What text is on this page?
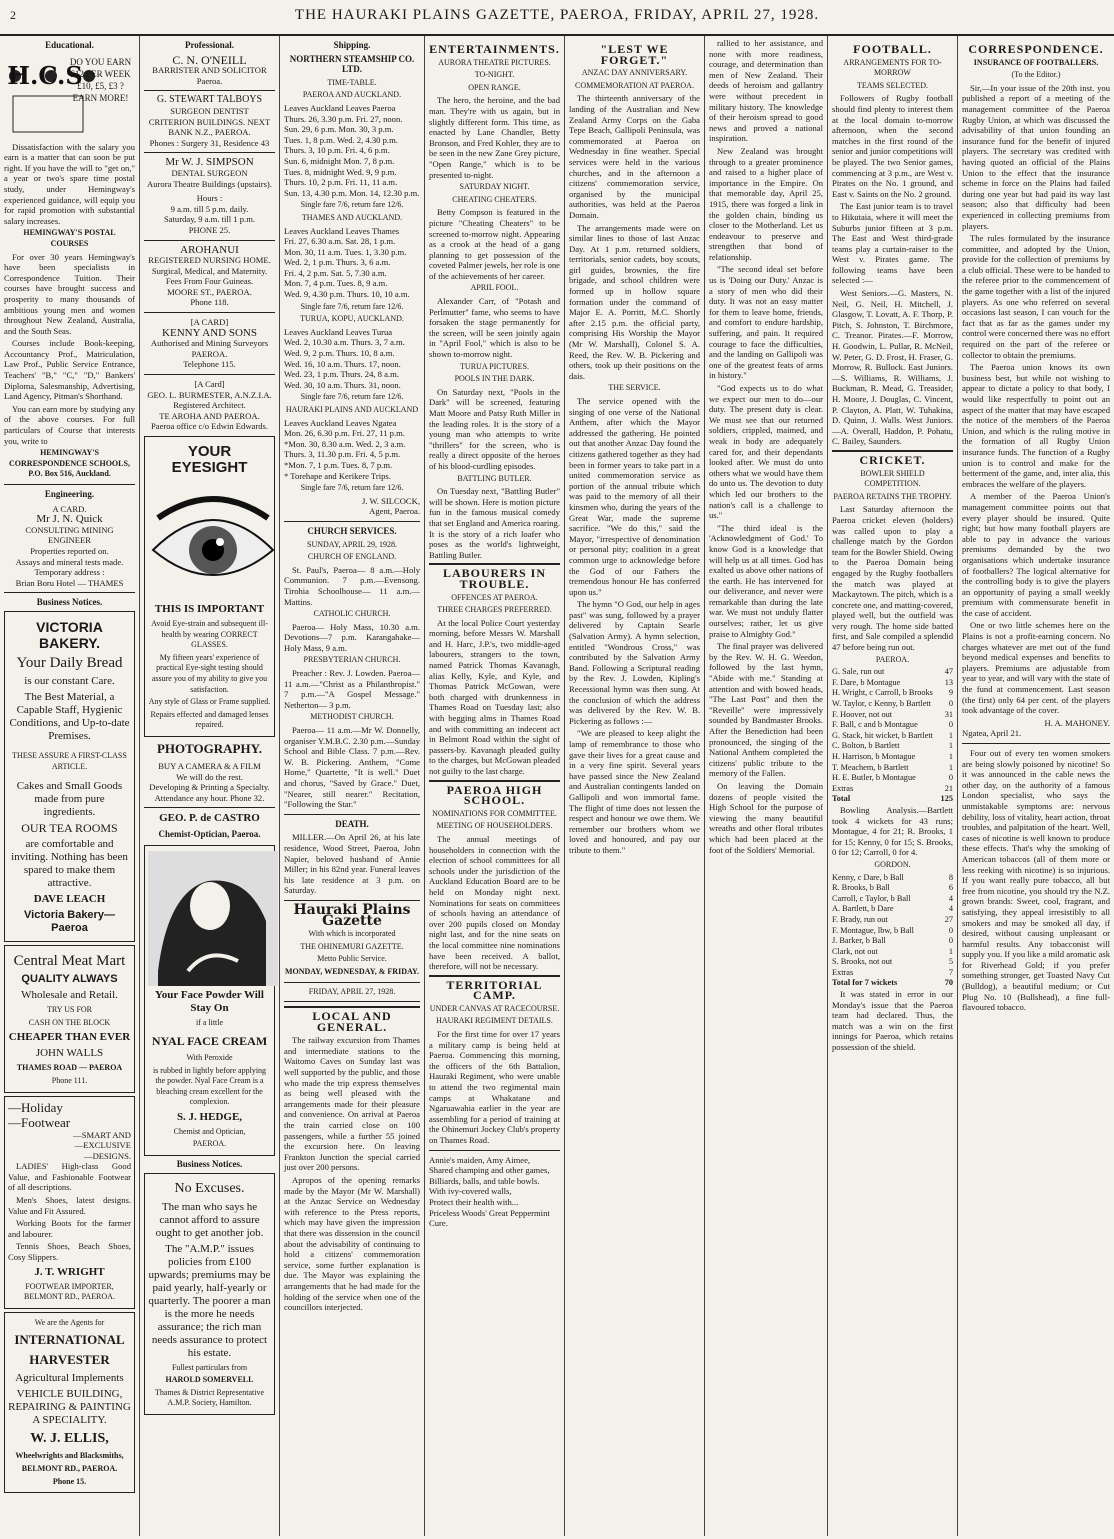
2	THE HAURAKI PLAINS GAZETTE, PAEROA, FRIDAY, APRIL 27, 1928.
Educational.
H.C.S
DO YOU EARN
£12 PER WEEK
£10, £5, £3 ?
EARN MORE!

Dissatisfaction with the salary you earn is a matter that can soon be put right. If you have the will to "get on," a year or two's spare time postal study, under Hemingway's experienced guidance, will equip you for rapid promotion with substantial salary increases.

HEMINGWAY'S POSTAL COURSES

For over 30 years Hemingway's have been specialists in Correspondence Tuition. Their courses have brought success and prosperity to many thousands of ambitious young men and women throughout New Zealand, Australia, and the South Seas.

Courses include Book-keeping, Accountancy Prof., Matriculation, Law Prof., Public Service Entrance, Teachers' "B," "C," "D," Bankers' Diploma, Salesmanship, Advertising, Land Agency, Pitman's Shorthand.

You can earn more by studying any of the above courses. For full particulars of Course that interests you, write to

HEMINGWAY'S CORRESPONDENCE SCHOOLS, P.O. Box 516, Auckland.
Engineering.
A CARD.
Mr J. N. Quick
CONSULTING MINING ENGINEER
Properties reported on.
Assays and mineral tests made.
Temporary address :
Brian Boru Hotel — THAMES
Business Notices.
VICTORIA BAKERY.
Your Daily Bread
is our constant Care.
The Best Material, a Capable Staff, Hygienic Conditions, and Up-to-date Premises.
THESE ASSURE A FIRST-CLASS ARTICLE.
Cakes and Small Goods made from pure ingredients.
OUR TEA ROOMS
are comfortable and inviting. Nothing has been spared to make them attractive.
DAVE LEACH
Victoria Bakery—Paeroa
Central Meat Mart
QUALITY ALWAYS
Wholesale and Retail.
TRY US FOR
CASH ON THE BLOCK
CHEAPER THAN EVER
JOHN WALLS
THAMES ROAD — PAEROA
Phone 111.
—Holiday
—Footwear
—SMART AND
—EXCLUSIVE
—DESIGNS.

LADIES' High-class Good Value, and Fashionable Footwear of all descriptions.

Men's Shoes, latest designs. Value and Fit Assured.

Working Boots for the farmer and labourer.

Tennis Shoes, Beach Shoes, Cosy Slippers.

J. T. WRIGHT
FOOTWEAR IMPORTER, BELMONT RD., PAEROA.
We are the Agents for
INTERNATIONAL
HARVESTER
Agricultural Implements
VEHICLE BUILDING, REPAIRING & PAINTING A SPECIALITY.
W. J. ELLIS,
Wheelwrights and Blacksmiths,
BELMONT RD., PAEROA.
Phone 15.
Professional.
C. N. O'NEILL
BARRISTER AND SOLICITOR
Paeroa.
G. STEWART TALBOYS
SURGEON DENTIST
CRITERION BUILDINGS. NEXT BANK N.Z., PAEROA.
Phones : Surgery 31, Residence 43
Mr W. J. SIMPSON
DENTAL SURGEON
Aurora Theatre Buildings (upstairs).
Hours :
9 a.m. till 5 p.m. daily.
Saturday, 9 a.m. till 1 p.m.
PHONE 25.
AROHANUI
REGISTERED NURSING HOME.
Surgical, Medical, and Maternity. Fees From Four Guineas.
MOORE ST., PAEROA.
Phone 118.
[A CARD]
KENNY AND SONS
Authorised and Mining Surveyors PAEROA.
Telephone 115.
[A Card]
GEO. L. BURMESTER, A.N.Z.I.A.
Registered Architect.
TE AROHA AND PAEROA.
Paeroa office c/o Edwin Edwards.
YOUR EYESIGHT
THIS IS IMPORTANT
Avoid Eye-strain and subsequent ill-health by wearing CORRECT GLASSES.
My fifteen years' experience of practical Eye-sight testing should assure you of my ability to give you satisfaction.
Any style of Glass or Frame supplied.
Repairs effected and damaged lenses repaired.
PHOTOGRAPHY.
BUY A CAMERA & A FILM
We will do the rest.
Developing & Printing a Specialty.
Attendance any hour. Phone 32.
GEO. P. de CASTRO
Chemist-Optician, Paeroa.
Your Face Powder Will Stay On
if a little
NYAL FACE CREAM
With Peroxide
is rubbed in lightly before applying the powder. Nyal Face Cream is a bleaching cream excellent for the complexion.
S. J. HEDGE,
Chemist and Optician,
PAEROA.
Business Notices.
No Excuses.
The man who says he cannot afford to assure ought to get another job.
The "A.M.P." issues policies from £100 upwards; premiums may be paid yearly, half-yearly or quarterly. The poorer a man is the more he needs assurance; the rich man needs assurance to protect his estate.
Fullest particulars from
HAROLD SOMERVELL
Thames & District Representative A.M.P. Society, Hamilton.
Shipping.
NORTHERN STEAMSHIP CO. LTD.
TIME-TABLE.
PAEROA AND AUCKLAND.
Leaves Auckland Leaves Paeroa
Thurs. 26, 3.30 p.m. Fri. 27, noon.
Sun. 29, 6 p.m. Mon. 30, 3 p.m.
Tues. 1, 8 p.m. Wed. 2, 4.30 p.m.
Thurs. 3, 10 p.m. Fri. 4, 6 p.m.
Sun. 6, midnight Mon. 7, 8 p.m.
Tues. 8, midnight Wed. 9, 9 p.m.
Thurs. 10, 2 p.m. Fri. 11, 11 a.m.
Sun. 13, 4.30 p.m. Mon. 14, 12.30 p.m.
Single fare 7/6, return fare 12/6.
THAMES AND AUCKLAND.
Leaves Auckland Leaves Thames
Fri. 27, 6.30 a.m. Sat. 28, 1 p.m.
Mon. 30, 11 a.m. Tues. 1, 3.30 p.m.
Wed. 2, 1 p.m. Thurs. 3, 6 a.m.
Fri. 4, 2 p.m. Sat. 5, 7.30 a.m.
Mon. 7, 4 p.m. Tues. 8, 9 a.m.
Wed. 9, 4.30 p.m. Thurs. 10, 10 a.m.
Single fare 7/6, return fare 12/6.
TURUA, KOPU, AUCKLAND.
Leaves Auckland Leaves Turua
Wed. 2, 10.30 a.m. Thurs. 3, 7 a.m.
Wed. 9, 2 p.m. Thurs. 10, 8 a.m.
Wed. 16, 10 a.m. Thurs. 17, noon.
Wed. 23, 1 p.m. Thurs. 24, 8 a.m.
Wed. 30, 10 a.m. Thurs. 31, noon.
Single fare 7/6, return fare 12/6.
HAURAKI PLAINS AND AUCKLAND
Leaves Auckland Leaves Ngatea
Mon. 26, 6.30 p.m. Fri. 27, 11 p.m.
*Mon. 30, 8.30 a.m. Wed. 2, 3 a.m.
Thurs. 3, 11.30 p.m. Fri. 4, 5 p.m.
*Mon. 7, 1 p.m. Tues. 8, 7 p.m.
* Torehape and Kerikere Trips.
Single fare 7/6, return fare 12/6.
J. W. SILCOCK,
Agent, Paeroa.
CHURCH SERVICES.
SUNDAY, APRIL 29, 1928.
CHURCH OF ENGLAND.

St. Paul's, Paeroa— 8 a.m.—Holy Communion. 7 p.m.—Evensong. Tirohia Schoolhouse— 11 a.m.—Mattins.

CATHOLIC CHURCH.

Paeroa— Holy Mass, 10.30 a.m. Devotions—7 p.m. Karangahake— Holy Mass, 9 a.m.

PRESBYTERIAN CHURCH.

Preacher : Rev. J. Lowden. Paeroa— 11 a.m.—"Christ as a Philanthropist." 7 p.m.—"A Gospel Message." Netherton— 3 p.m.

METHODIST CHURCH.

Paeroa— 11 a.m.—Mr W. Donnelly, organiser Y.M.B.C. 2.30 p.m.—Sunday School and Bible Class. 7 p.m.—Rev. W. B. Pickering. Anthem, "Come Home," Quartette, "It is well." Duet and chorus, "Saved by Grace." Duet, "Nearer, still nearer." Recitation, "Following the Star."

DEATH.

MILLER.—On April 26, at his late residence, Wood Street, Paeroa, John Napier, beloved husband of Annie Miller; in his 82nd year. Funeral leaves his late residence at 3 p.m. on Saturday.

Hauraki Plains Gazette
With which is incorporated
THE OHINEMURI GAZETTE.
Metto Public Service.
MONDAY, WEDNESDAY, & FRIDAY.
FRIDAY, APRIL 27, 1928.
LOCAL AND GENERAL.

The railway excursion from Thames and intermediate stations to the Waitomo Caves on Sunday last was well supported by the public, and those who made the trip express themselves as being well pleased with the arrangements made for their pleasure and convenience. On arrival at Paeroa the train carried close on 100 passengers, while a further 55 joined the excursion here. On leaving Frankton Junction the special carried just over 200 persons.

Apropos of the opening remarks made by the Mayor (Mr W. Marshall) at the Anzac Service on Wednesday with reference to the Press reports, which may have given the impression that there was dissension in the council about the advisability of continuing to hold a citizens' commemoration service, some further explanation is due. The Mayor was explaining the arrangements that he had made for the holding of the service when one of the councillors interjected.

ENTERTAINMENTS.
AURORA THEATRE PICTURES.
TO-NIGHT.
OPEN RANGE.

The hero, the heroine, and the bad man. They're with us again, but in slightly different form. This time, as enacted by Lane Chandler, Betty Bronson, and Fred Kohler, they are to be seen in the new Zane Grey picture, "Open Range," which is to be presented to-night.

SATURDAY NIGHT.
CHEATING CHEATERS.

Betty Compson is featured in the picture "Cheating Cheaters" to be screened to-morrow night. Appearing as a crook at the head of a gang planning to get possession of the coveted Palmer jewels, her role is one of the achievements of her career.

APRIL FOOL.

Alexander Carr, of "Potash and Perlmutter" fame, who seems to have forsaken the stage permanently for the screen, will be seen jointly again in "April Fool," which is also to be shown to-morrow night.

TURUA PICTURES.
POOLS IN THE DARK.

On Saturday next, "Pools in the Dark" will be screened, featuring Matt Moore and Patsy Ruth Miller in the leading roles. It is the story of a young man who attempts to write "thrillers" for the screen, who is really a direct opposite of the heroes of his blood-curdling episodes.

BATTLING BUTLER.

On Tuesday next, "Battling Butler" will be shown. Here is motion picture fun in the famous musical comedy that set England and America roaring. It is the story of a rich loafer who poses as the world's lightweight, Battling Butler.

LABOURERS IN TROUBLE.
OFFENCES AT PAEROA.
THREE CHARGES PREFERRED.

At the local Police Court yesterday morning, before Messrs W. Marshall and H. Harc, J.P.'s, two middle-aged labourers, strangers to the town, named Patrick Thomas Kavanagh, alias Kelly, Kyle, and Kyle, and Thomas Patrick McGowan, were both charged with drunkenness in Thames Road on Tuesday last; also with begging alms in Thames Road and with committing an indecent act in Belmont Road within the sight of passers-by. Kavanagh pleaded guilty to the charges, but McGowan pleaded not guilty to the last charge.

PAEROA HIGH SCHOOL.
NOMINATIONS FOR COMMITTEE.
MEETING OF HOUSEHOLDERS.

The annual meetings of householders in connection with the election of school committees for all schools under the jurisdiction of the Auckland Education Board are to be held on Monday night next. Nominations for seats on committees of schools having an attendance of over 200 pupils closed on Monday night last, and for the nine seats on the local committee nine nominations have been received. A ballot, therefore, will not be necessary.

TERRITORIAL CAMP.
UNDER CANVAS AT RACECOURSE.
HAURAKI REGIMENT DETAILS.

For the first time for over 17 years a military camp is being held at Paeroa. Commencing this morning, the officers of the 6th Battalion, Hauraki Regiment, who were unable to attend the two regimental main camps at Whakatane and Ngaruawahia earlier in the year are assembling for a period of training at the Ohinemuri Jockey Club's property on Thames Road.

Annie's maiden, Amy Aimee,
Shared champing and other games,
Billiards, balls, and table bowls.
With ivy-covered walls,
Protect their health with...
Priceless Woods' Great Peppermint Cure.
"LEST WE FORGET."
ANZAC DAY ANNIVERSARY.
COMMEMORATION AT PAEROA.

The thirteenth anniversary of the landing of the Australian and New Zealand Army Corps on the Gaba Tepe Beach, Gallipoli Peninsula, was commemorated at Paeroa on Wednesday in fine weather. Special services were held in the various churches, and in the afternoon a citizens' commemoration service, organised by the municipal authorities, was held at the Paeroa Domain.

The arrangements made were on similar lines to those of last Anzac Day. At 1 p.m. returned soldiers, territorials, senior cadets, boy scouts, girl guides, brownies, the fire brigade, and school children were formed up in hollow square formation under the command of Major E. A. Porritt, M.C. Shortly after 2.15 p.m. the official party, comprising His Worship the Mayor (Mr W. Marshall), Colonel S. A. Reed, the Rev. W. B. Pickering and others, took up their positions on the dais.

THE SERVICE.

The service opened with the singing of one verse of the National Anthem, after which the Mayor addressed the gathering. He pointed out that another Anzac Day found the citizens gathered together as they had been in former years to take part in a united commemoration service as portion of the annual tribute which was paid to the memory of all their kinsmen who, during the years of the Great War, made the supreme sacrifice. "We do this," said the Mayor, "irrespective of denomination or personal pity; coalition in a great common urge to acknowledge before the God of our Fathers the tremendous honour He has conferred upon us."

The hymn "O God, our help in ages past" was sung, followed by a prayer delivered by Captain Searle (Salvation Army). A hymn selection, entitled "Wondrous Cross," was contributed by the Salvation Army Band. Following a Scriptural reading by the Rev. J. Lowden, Kipling's Recessional hymn was then sung. At the conclusion of which the address was delivered by the Rev. W. B. Pickering as follows :—

"We are pleased to keep alight the lamp of remembrance to those who gave their lives for a great cause and in a very fine spirit. Several years have passed since the New Zealand and Australian contingents landed on Gallipoli and won immortal fame. The flight of time does not lessen the respect and honour we owe them. We remember our brothers whom we loved and honoured, and pay our tribute to them."

rallied to her assistance, and none with more readiness, courage, and determination than men of New Zealand. Their deeds of heroism and gallantry were without precedent in military history. The knowledge of their heroism spread to good news and proved a national inspiration.

New Zealand was brought through to a greater prominence and raised to a higher place of importance in the Empire. On that memorable day, April 25, 1915, there was forged a link in the golden chain, binding us closer to the Motherland. Let us endeavour to preserve and strengthen that bond of relationship.

"The second ideal set before us is 'Doing our Duty.' Anzac is a story of men who did their duty. It was not an easy matter for them to leave home, friends, and comfort to endure hardship, suffering, and pain. It required courage to face the difficulties, and the landing on Gallipoli was one of the greatest feats of arms in history."

"God expects us to do what we expect our men to do—our duty. The present duty is clear. We must see that our returned soldiers, crippled, maimed, and weak in body are adequately cared for, and their dependants looked after. We must do unto others what we would have them do unto us. The devotion to duty which led our brothers to the nation's call is a challenge to us."

"The third ideal is the 'Acknowledgment of God.' To know God is a knowledge that will help us at all times. God has exalted us above other nations of the earth. He has intervened for our deliverance, and never were remarkable than during the late war. We must not unduly flatter ourselves; rather, let us give praise to Almighty God."

The final prayer was delivered by the Rev. W. H. G. Weedon, followed by the last hymn, "Abide with me." Standing at attention and with bowed heads, "The Last Post" and then the "Reveille" were impressively sounded by Bandmaster Brooks. After the Benediction had been pronounced, the singing of the National Anthem completed the citizens' public tribute to the memory of the Fallen.

On leaving the Domain dozens of people visited the High School for the purpose of viewing the many beautiful wreaths and other floral tributes which had been placed at the foot of the Soldiers' Memorial.

FOOTBALL.
ARRANGEMENTS FOR TO-MORROW
TEAMS SELECTED.

Followers of Rugby football should find plenty to interest them at the local domain to-morrow afternoon, when the second matches in the first round of the senior and junior competitions will be played. The two Senior games, commencing at 3 p.m., are West v. Pirates on the No. 1 ground, and East v. Saints on the No. 2 ground.

The East junior team is to travel to Hikutaia, where it will meet the Suburbs junior fifteen at 3 p.m. The East and West third-grade teams play a curtain-raiser to the West v. Pirates game. The following teams have been selected :—

West Seniors.—G. Masters, N. Neil, G. Neil, H. Mitchell, J. Glasgow, T. Lovatt, A. F. Thorp, P. Pitch, S. Johnston, T. Birchmore, C. Treanor. Pirates.—F. Morrow, H. Goodwin, L. Pullar, R. McNeil, W. Peter, G. D. Frost, H. Fraser, G. Morrow, R. Bullock. East Juniors.—S. Williams, R. Williams, J. Buckman, R. Mead, G. Treasider, H. Moore, J. Douglas, C. Vincent, P. Clayton, A. Platt, W. Tuhakina, D. Quinn, J. Walls. West Juniors.—A. Overall, Haddon, P. Pohatu, C. Bailey, Saunders.

CRICKET.
BOWLER SHIELD COMPETITION.
PAEROA RETAINS THE TROPHY.

Last Saturday afternoon the Paeroa cricket eleven (holders) was called upon to play a challenge match by the Gordon team for the Bowler Shield. Owing to the Paeroa Domain being engaged by the Rugby footballers the match was played at Mackaytown. The pitch, which is a concrete one, and matting-covered, played well, but the outfield was very rough. The home side batted first, and Sale compiled a splendid 47 before being run out.

PAEROA.
G. Sale, run out	47
F. Dare, b Montague	13
H. Wright, c Carroll, b Brooks 9
W. Taylor, c Kenny, b Bartlett 0
F. Hoover, not out	31
F. Ball, c and b Montague	0
G. Stack, hit wicket, b Bartlett 1
C. Bolton, b Bartlett	1
H. Harrison, b Montague	1
T. Meachem, b Bartlett	1
H. E. Butler, b Montague	0
Extras	21
Total	125

Bowling Analysis.—Bartlett took 4 wickets for 43 runs; Montague, 4 for 21; R. Brooks, 1 for 15; Kenny, 0 for 15; S. Brooks, 0 for 12; Carroll, 0 for 4.

GORDON.
Kenny, c Dare, b Ball	8
R. Brooks, b Ball	6
Carroll, c Taylor, b Ball	4
A. Bartlett, b Dare	4
F. Brady, run out	27
F. Montague, lbw, b Ball	0
J. Barker, b Ball	0
Clark, not out	1
S. Brooks, not out	5
Extras	7
Total for 7 wickets	70

It was stated in error in our Monday's issue that the Paeroa team had declared. Thus, the match was a win on the first innings for Paeroa, which retains possession of the shield.

CORRESPONDENCE.
INSURANCE OF FOOTBALLERS.
(To the Editor.)

Sir,—In your issue of the 20th inst. you published a report of a meeting of the management committee of the Paeroa Rugby Union, at which was discussed the advisability of that union founding an insurance fund for the benefit of injured players. The secretary was credited with having quoted an official of the Plains Union to the effect that the insurance scheme in force on the Plains had failed during one year but had paid its way last season; also that difficulty had been experienced in collecting premiums from players.

The rules formulated by the insurance committee, and adopted by the Union, provide for the collection of premiums by a club official. These were to be handed to the referee prior to the commencement of the game together with a list of the injured players. As one who referred on several occasions last season, I can vouch for the fact that as far as the games under my control were concerned there was no effort required on the part of the referee or collector to obtain the premiums.

The Paeroa union knows its own business best, but while not wishing to appear to dictate a policy to that body, I would like respectfully to point out an aspect of the matter that may have escaped the notice of the members of the Paeroa Union, and which is the ruling motive in the formation of all Rugby Union insurance funds. The function of a Rugby union is to control and make for the betterment of the game, and, inter alia, this embraces the welfare of the players.

A member of the Paeroa Union's management committee points out that every player should be insured. Quite right; but how many football players are able to pay in advance the various premiums demanded by the two organisations which undertake insurance of footballers? The logical alternative for the controlling body is to give the players an opportunity of paying a small weekly premium with commensurate benefit in the case of accident.

One or two little schemes here on the Plains is not a profit-earning concern. No charges whatever are met out of the fund beyond medical expenses and benefits to players. Premiums are adjustable from year to year, and will vary with the state of the fund at commencement. Last season (the first) only 64 per cent. of the players took advantage of the cover.

H. A. MAHONEY.
Ngatea, April 21.

Four out of every ten women smokers are being slowly poisoned by nicotine! So it was announced in the cable news the other day, on the authority of a famous London specialist, who says the unmistakable symptoms are: nervous debility, loss of vitality, heart action, throat troubles, and palpitation of the heart. Well, cases of nicotine is well known to produce these effects. That's why the smoking of American tobaccos (all of them more or less reeking with nicotine) is so injurious. If you want really pure tobacco, all but free from nicotine, you should try the N.Z. grown brands: Sweet, cool, fragrant, and satisfying, they appeal irresistibly to all smokers and may be smoked all day, if desired, without causing unpleasant or harmful results. Any tobacconist will supply you. If you like a mild aromatic ask for Riverhead Gold; if you prefer something stronger, get Toasted Navy Cut (Bulldog), a beautiful medium; or Cut Plug No. 10 (Bullshead), a fine full-flavoured tobacco.
